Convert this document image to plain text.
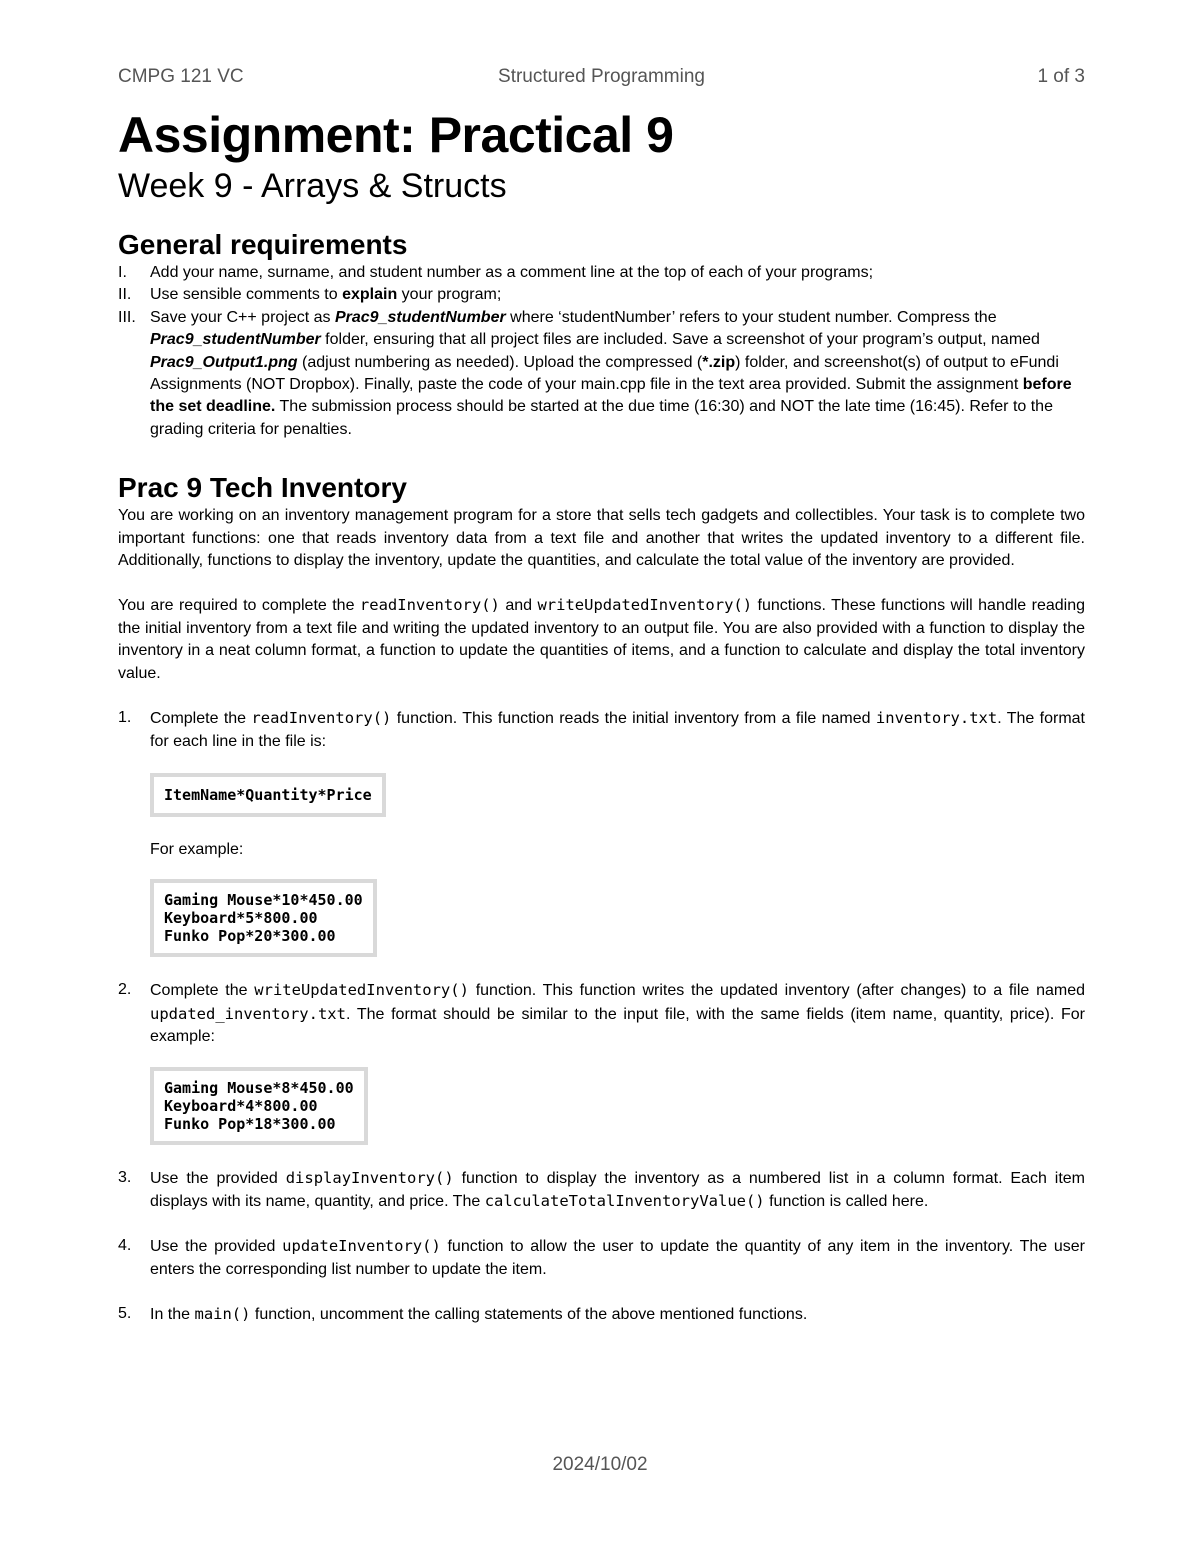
CMPG 121 VC	Structured Programming	1 of 3
Assignment: Practical 9
Week 9 - Arrays & Structs
General requirements
I.	Add your name, surname, and student number as a comment line at the top of each of your programs;
II.	Use sensible comments to explain your program;
III. Save your C++ project as Prac9_studentNumber where ‘studentNumber’ refers to your student number. Compress the Prac9_studentNumber folder, ensuring that all project files are included. Save a screenshot of your program’s output, named Prac9_Output1.png (adjust numbering as needed). Upload the compressed (*.zip) folder, and screenshot(s) of output to eFundi Assignments (NOT Dropbox). Finally, paste the code of your main.cpp file in the text area provided. Submit the assignment before the set deadline. The submission process should be started at the due time (16:30) and NOT the late time (16:45). Refer to the grading criteria for penalties.
Prac 9 Tech Inventory

You are working on an inventory management program for a store that sells tech gadgets and collectibles. Your task is to complete two important functions: one that reads inventory data from a text file and another that writes the updated inventory to a different file. Additionally, functions to display the inventory, update the quantities, and calculate the total value of the inventory are provided.

You are required to complete the readInventory() and writeUpdatedInventory() functions. These functions will handle reading the initial inventory from a text file and writing the updated inventory to an output file. You are also provided with a function to display the inventory in a neat column format, a function to update the quantities of items, and a function to calculate and display the total inventory value.

1.	Complete the readInventory() function. This function reads the initial inventory from a file named inventory.txt. The format for each line in the file is:
ItemName*Quantity*Price
For example:
Gaming Mouse*10*450.00
Keyboard*5*800.00
Funko Pop*20*300.00
2.	Complete the writeUpdatedInventory() function. This function writes the updated inventory (after changes) to a file named updated_inventory.txt. The format should be similar to the input file, with the same fields (item name, quantity, price). For example:
Gaming Mouse*8*450.00
Keyboard*4*800.00
Funko Pop*18*300.00
3.	Use the provided displayInventory() function to display the inventory as a numbered list in a column format. Each item displays with its name, quantity, and price. The calculateTotalInventoryValue() function is called here.
4.	Use the provided updateInventory() function to allow the user to update the quantity of any item in the inventory. The user enters the corresponding list number to update the item.
5.	In the main() function, uncomment the calling statements of the above mentioned functions.
2024/10/02
